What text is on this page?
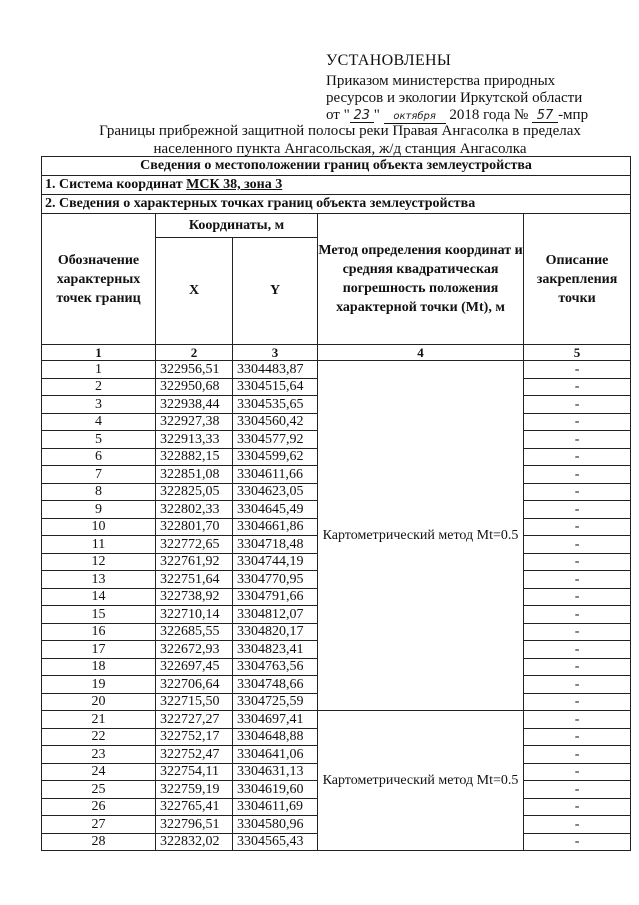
УСТАНОВЛЕНЫ
Приказом министерства природных
ресурсов и экологии Иркутской области
от " 23 " октября 2018 года № 57 -мпр
Границы прибрежной защитной полосы реки Правая Ангасолка в пределах
населенного пункта Ангасольская, ж/д станция Ангасолка
Сведения о местоположении границ объекта землеустройства				
1. Система координат МСК 38, зона 3				
2. Сведения о характерных точках границ объекта землеустройства				
Обозначение характерных точек границ	Координаты, м		Метод определения координат и средняя квадратическая погрешность положения характерной точки (Mt), м	Описание закрепления точки
	X	Y		
1	2	3	4	5
1	322956,51	3304483,87	Картометрический метод Mt=0.5	-
2	322950,68	3304515,64		-
3	322938,44	3304535,65		-
4	322927,38	3304560,42		-
5	322913,33	3304577,92		-
6	322882,15	3304599,62		-
7	322851,08	3304611,66		-
8	322825,05	3304623,05		-
9	322802,33	3304645,49		-
10	322801,70	3304661,86		-
11	322772,65	3304718,48		-
12	322761,92	3304744,19		-
13	322751,64	3304770,95		-
14	322738,92	3304791,66		-
15	322710,14	3304812,07		-
16	322685,55	3304820,17		-
17	322672,93	3304823,41		-
18	322697,45	3304763,56		-
19	322706,64	3304748,66		-
20	322715,50	3304725,59		-
21	322727,27	3304697,41	Картометрический метод Mt=0.5	-
22	322752,17	3304648,88		-
23	322752,47	3304641,06		-
24	322754,11	3304631,13		-
25	322759,19	3304619,60		-
26	322765,41	3304611,69		-
27	322796,51	3304580,96		-
28	322832,02	3304565,43		-
